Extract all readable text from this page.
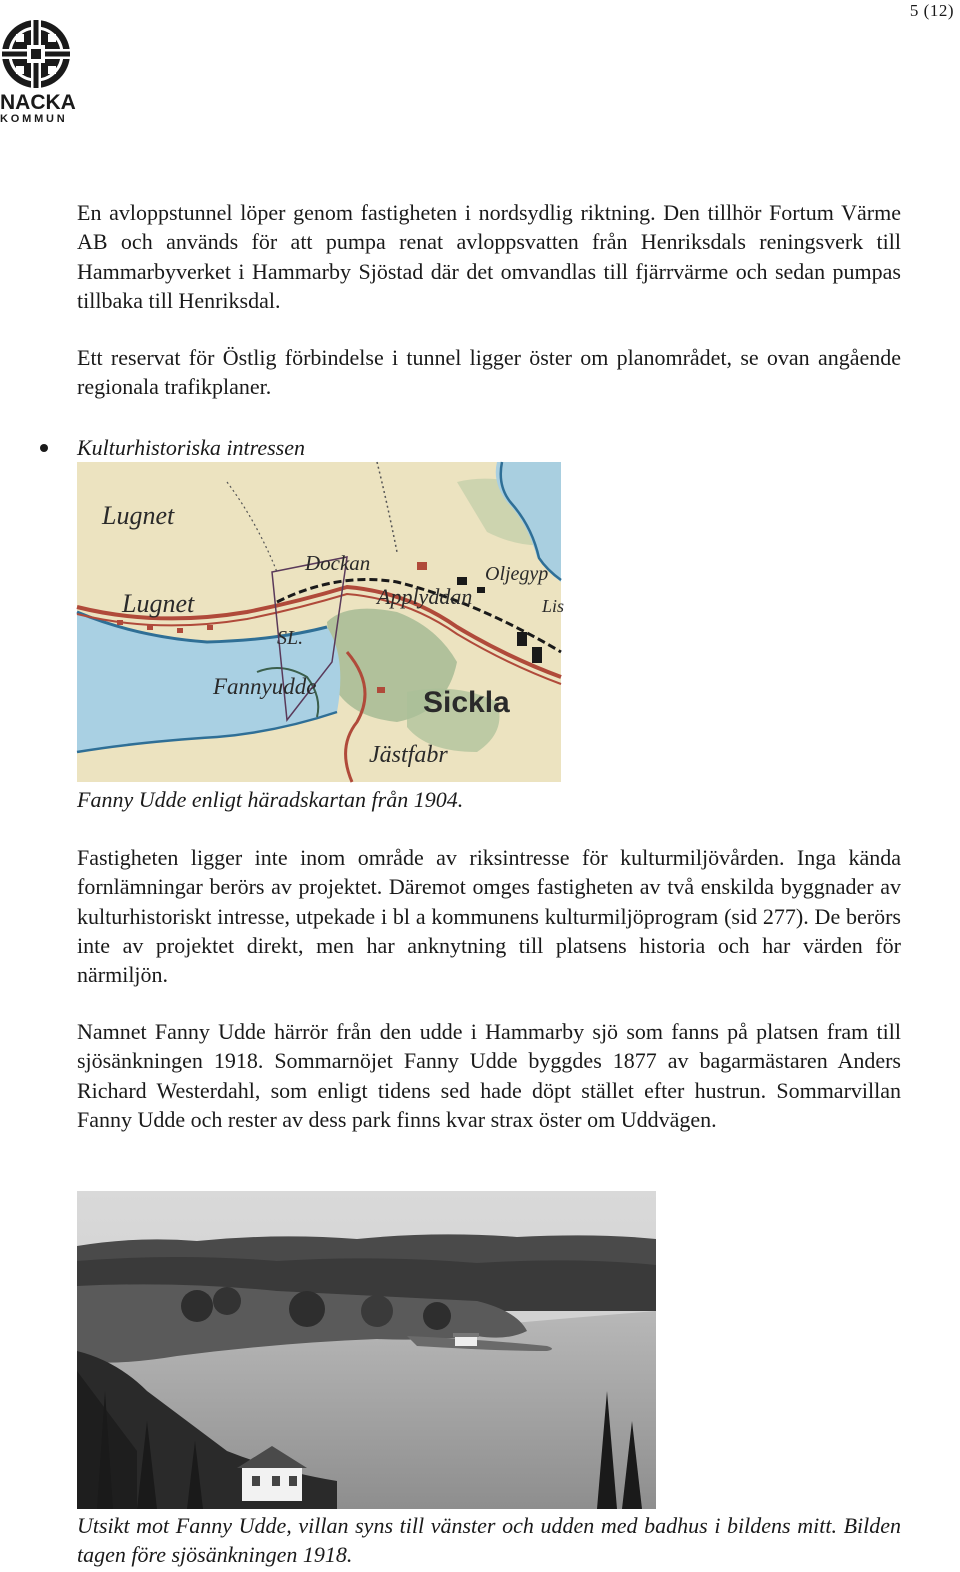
5 (12)
NACKA
KOMMUN

En avloppstunnel löper genom fastigheten i nordsydlig riktning. Den tillhör Fortum Värme AB och används för att pumpa renat avloppsvatten från Henriksdals reningsverk till Hammarbyverket i Hammarby Sjöstad där det omvandlas till fjärrvärme och sedan pumpas tillbaka till Henriksdal.

Ett reservat för Östlig förbindelse i tunnel ligger öster om planområdet, se ovan angående regionala trafikplaner.

Kulturhistoriska intressen
Lugnet
Lugnet
Dockan	Oljegyp
Applyddan	Lis
SL.
Fannyudde	Sickla
Jästfabr

Fanny Udde enligt häradskartan från 1904.

Fastigheten ligger inte inom område av riksintresse för kulturmiljövården. Inga kända fornlämningar berörs av projektet. Däremot omges fastigheten av två enskilda byggnader av kulturhistoriskt intresse, utpekade i bl a kommunens kulturmiljöprogram (sid 277). De berörs inte av projektet direkt, men har anknytning till platsens historia och har värden för närmiljön.

Namnet Fanny Udde härrör från den udde i Hammarby sjö som fanns på platsen fram till sjösänkningen 1918. Sommarnöjet Fanny Udde byggdes 1877 av bagarmästaren Anders Richard Westerdahl, som enligt tidens sed hade döpt stället efter hustrun. Sommarvillan Fanny Udde och rester av dess park finns kvar strax öster om Uddvägen.

Utsikt mot Fanny Udde, villan syns till vänster och udden med badhus i bildens mitt. Bilden tagen före sjösänkningen 1918.
